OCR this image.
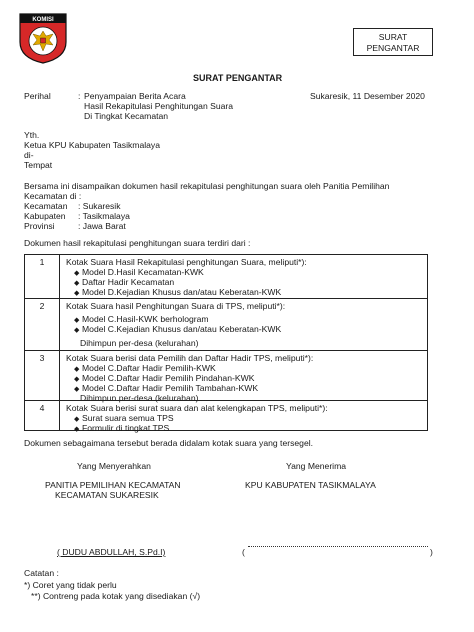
KOMISI
SURAT
PENGANTAR
SURAT PENGANTAR
Perihal	: Penyampaian Berita Acara
Hasil Rekapitulasi Penghitungan Suara
Di Tingkat Kecamatan
Sukaresik, 11 Desember 2020
Yth.
Ketua KPU Kabupaten Tasikmalaya
di-
Tempat
Bersama ini disampaikan dokumen hasil rekapitulasi penghitungan suara oleh Panitia Pemilihan
Kecamatan di :
Kecamatan : Sukaresik
Kabupaten : Tasikmalaya
Provinsi	: Jawa Barat
Dokumen hasil rekapitulasi penghitungan suara terdiri dari :
1	Kotak Suara Hasil Rekapitulasi penghitungan Suara, meliputi*):
◆ Model D.Hasil Kecamatan-KWK
◆ Daftar Hadir Kecamatan
◆ Model D.Kejadian Khusus dan/atau Keberatan-KWK
2	Kotak Suara hasil Penghitungan Suara di TPS, meliputi*):
◆ Model C.Hasil-KWK berhologram
◆ Model C.Kejadian Khusus dan/atau Keberatan-KWK
Dihimpun per-desa (kelurahan)
3	Kotak Suara berisi data Pemilih dan Daftar Hadir TPS, meliputi*):
◆ Model C.Daftar Hadir Pemilih-KWK
◆ Model C.Daftar Hadir Pemilih Pindahan-KWK
◆ Model C.Daftar Hadir Pemilih Tambahan-KWK
Dihimpun per-desa (kelurahan)
4	Kotak Suara berisi surat suara dan alat kelengkapan TPS, meliputi*):
◆ Surat suara semua TPS
◆ Formulir di tingkat TPS
Dokumen sebagaimana tersebut berada didalam kotak suara yang tersegel.
Yang Menyerahkan
PANITIA PEMILIHAN KECAMATAN
KECAMATAN SUKARESIK
( DUDU ABDULLAH, S.Pd.I)
Yang Menerima
KPU KABUPATEN TASIKMALAYA
(	)
Catatan :
*) Coret yang tidak perlu
**) Contreng pada kotak yang disediakan (√)
